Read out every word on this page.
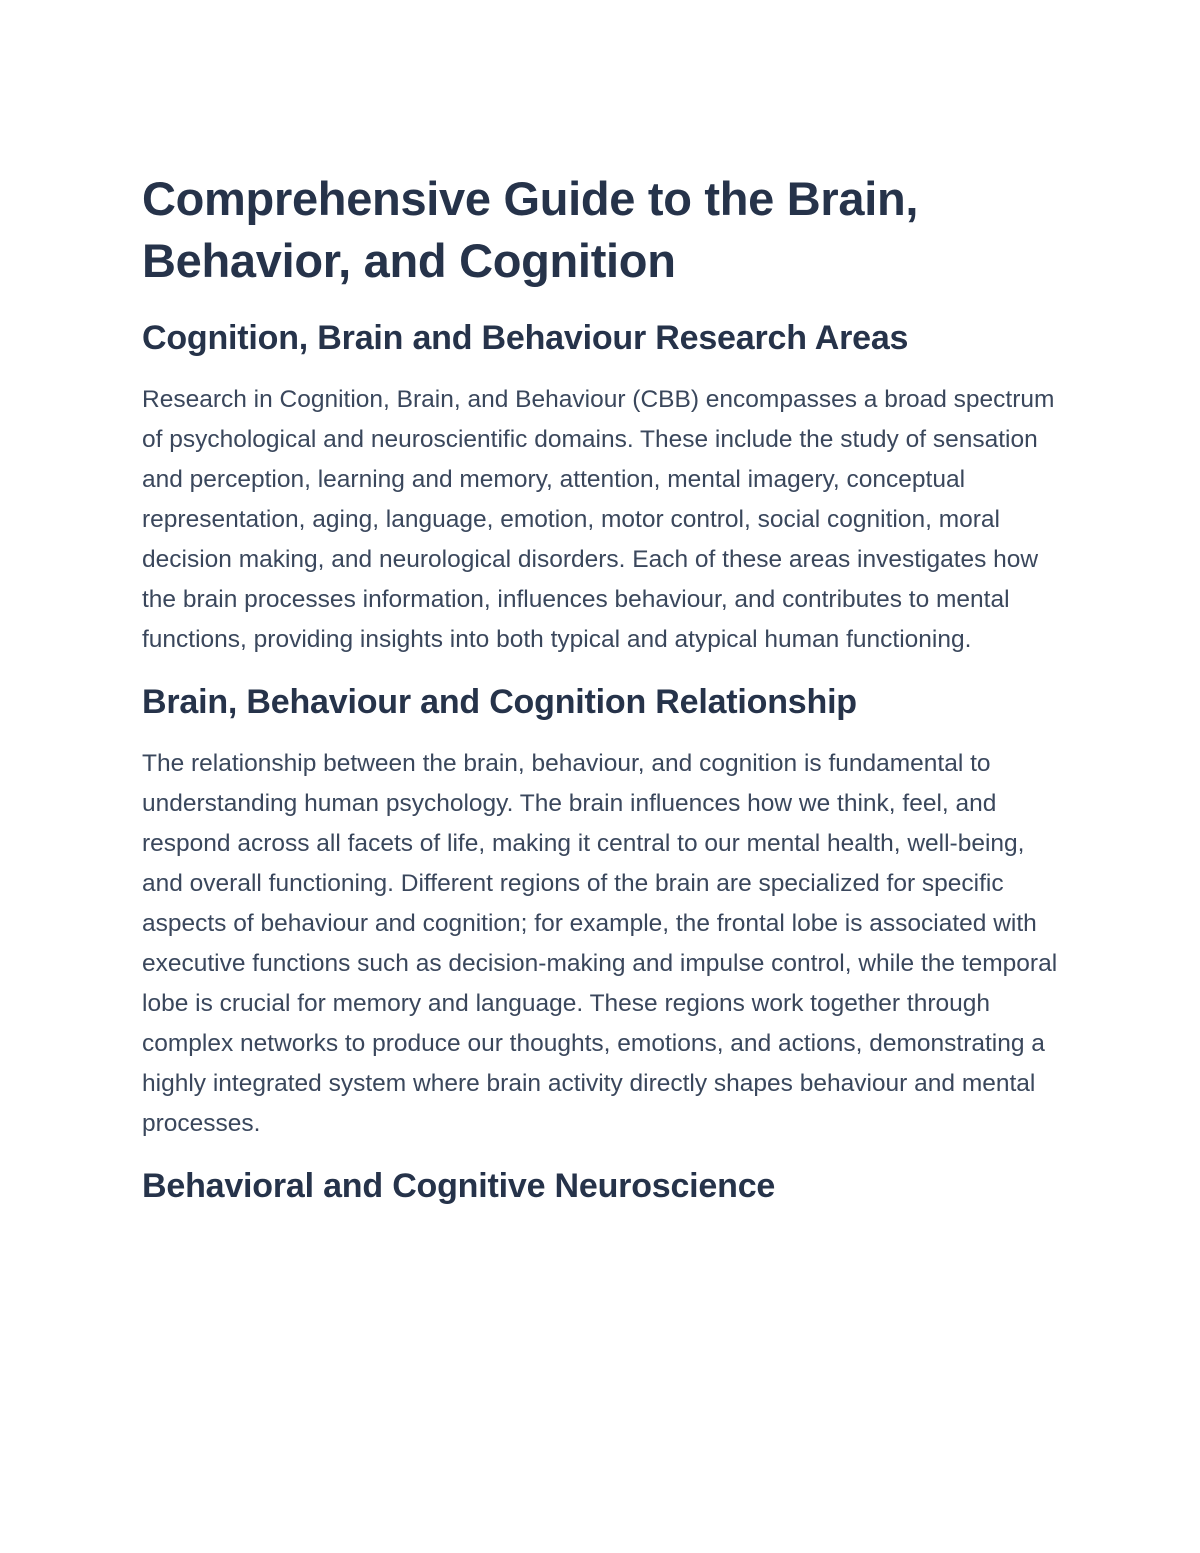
Comprehensive Guide to the Brain, Behavior, and Cognition
Cognition, Brain and Behaviour Research Areas

Research in Cognition, Brain, and Behaviour (CBB) encompasses a broad spectrum of psychological and neuroscientific domains. These include the study of sensation and perception, learning and memory, attention, mental imagery, conceptual representation, aging, language, emotion, motor control, social cognition, moral decision making, and neurological disorders. Each of these areas investigates how the brain processes information, influences behaviour, and contributes to mental functions, providing insights into both typical and atypical human functioning.

Brain, Behaviour and Cognition Relationship

The relationship between the brain, behaviour, and cognition is fundamental to understanding human psychology. The brain influences how we think, feel, and respond across all facets of life, making it central to our mental health, well-being, and overall functioning. Different regions of the brain are specialized for specific aspects of behaviour and cognition; for example, the frontal lobe is associated with executive functions such as decision-making and impulse control, while the temporal lobe is crucial for memory and language. These regions work together through complex networks to produce our thoughts, emotions, and actions, demonstrating a highly integrated system where brain activity directly shapes behaviour and mental processes.

Behavioral and Cognitive Neuroscience
